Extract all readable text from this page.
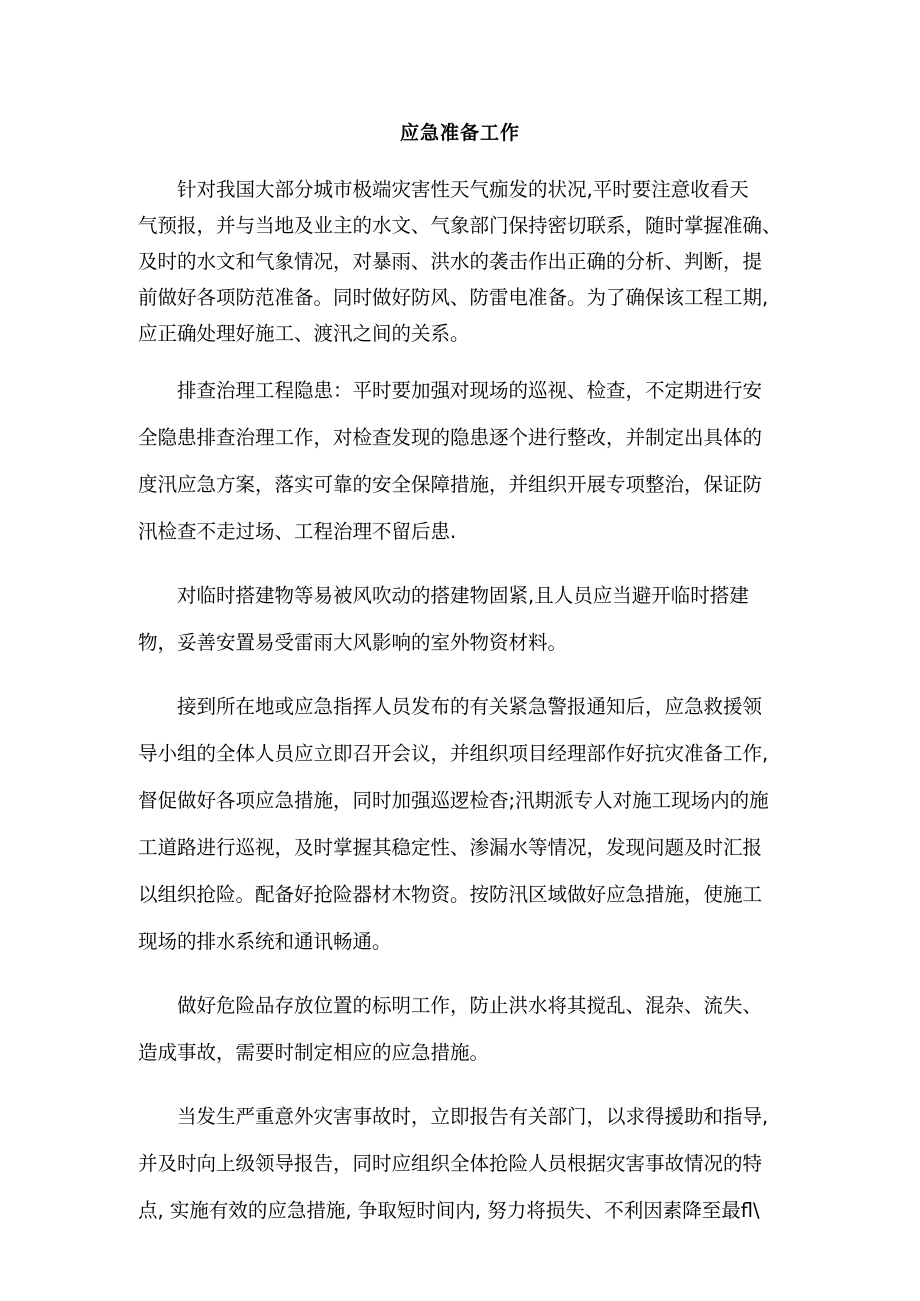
应急准备工作
针对我国大部分城市极端灾害性天气痂发的状况,平时要注意收看天
气预报，并与当地及业主的水文、气象部门保持密切联系，随时掌握准确、
及时的水文和气象情况，对暴雨、洪水的袭击作出正确的分析、判断，提
前做好各项防范准备。同时做好防风、防雷电准备。为了确保该工程工期,
应正确处理好施工、渡汛之间的关系。
排查治理工程隐患：平时要加强对现场的巡视、检查，不定期进行安
全隐患排查治理工作，对检查发现的隐患逐个进行整改，并制定出具体的
度汛应急方案，落实可靠的安全保障措施，并组织开展专项整治，保证防
汛检查不走过场、工程治理不留后患.
对临时搭建物等易被风吹动的搭建物固紧,且人员应当避开临时搭建
物，妥善安置易受雷雨大风影响的室外物资材料。
接到所在地或应急指挥人员发布的有关紧急警报通知后，应急救援领
导小组的全体人员应立即召开会议，并组织项目经理部作好抗灾准备工作,
督促做好各项应急措施，同时加强巡逻检杳;汛期派专人对施工现场内的施
工道路进行巡视，及时掌握其稳定性、渗漏水等情况，发现问题及时汇报
以组织抢险。配备好抢险器材木物资。按防汛区域做好应急措施，使施工
现场的排水系统和通讯畅通。
做好危险品存放位置的标明工作，防止洪水将其搅乱、混杂、流失、
造成事故，需要时制定相应的应急措施。
当发生严重意外灾害事故时，立即报告有关部门，以求得援助和指导,
并及时向上级领导报告，同时应组织全体抢险人员根据灾害事故情况的特
点, 实施有效的应急措施, 争取短时间内, 努力将损失、不利因素降至最fl\
